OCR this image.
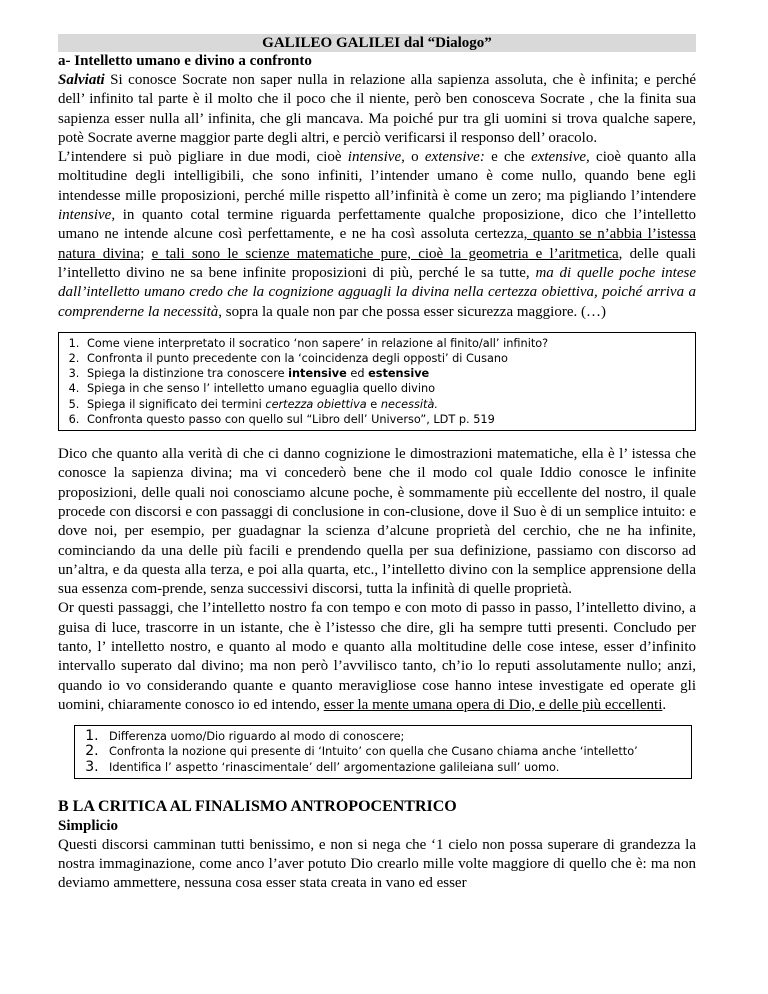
GALILEO GALILEI dal “Dialogo”
a- Intelletto umano e divino a confronto

Salviati Si conosce Socrate non saper nulla in relazione alla sapienza assoluta, che è infinita; e perché dell’ infinito tal parte è il molto che il poco che il niente, però ben conosceva Socrate , che la finita sua sapienza esser nulla all’ infinita, che gli mancava. Ma poiché pur tra gli uomini si trova qualche sapere, potè Socrate averne maggior parte degli altri, e perciò verificarsi il responso dell’ oracolo.

L’intendere si può pigliare in due modi, cioè intensive, o extensive: e che extensive, cioè quanto alla moltitudine degli intelligibili, che sono infiniti, l’intender umano è come nullo, quando bene egli intendesse mille proposizioni, perché mille rispetto all’infinità è come un zero; ma pigliando l’intendere intensive, in quanto cotal termine riguarda perfettamente qualche proposizione, dico che l’intelletto umano ne intende alcune così perfettamente, e ne ha così assoluta certezza, quanto se n’abbia l’istessa natura divina; e tali sono le scienze matematiche pure, cioè la geometria e l’aritmetica, delle quali l’intelletto divino ne sa bene infinite proposizioni di più, perché le sa tutte, ma di quelle poche intese dall’intelletto umano credo che la cognizione agguagli la divina nella certezza obiettiva, poiché arriva a comprenderne la necessità, sopra la quale non par che possa esser sicurezza maggiore. (…)

1. Come viene interpretato il socratico ‘non sapere’ in relazione al finito/all’ infinito?
2. Confronta il punto precedente con la ‘coincidenza degli opposti’ di Cusano
3. Spiega la distinzione tra conoscere intensive ed estensive
4. Spiega in che senso l’ intelletto umano eguaglia quello divino
5. Spiega il significato dei termini certezza obiettiva e necessità.
6. Confronta questo passo con quello sul “Libro dell’ Universo”, LDT p. 519

Dico che quanto alla verità di che ci danno cognizione le dimostrazioni matematiche, ella è l’ istessa che conosce la sapienza divina; ma vi concederò bene che il modo col quale Iddio conosce le infinite proposizioni, delle quali noi conosciamo alcune poche, è sommamente più eccellente del nostro, il quale procede con discorsi e con passaggi di conclusione in con-clusione, dove il Suo è di un semplice intuito: e dove noi, per esempio, per guadagnar la scienza d’alcune proprietà del cerchio, che ne ha infinite, cominciando da una delle più facili e prendendo quella per sua definizione, passiamo con discorso ad un’altra, e da questa alla terza, e poi alla quarta, etc., l’intelletto divino con la semplice apprensione della sua essenza com-prende, senza successivi discorsi, tutta la infinità di quelle proprietà.

Or questi passaggi, che l’intelletto nostro fa con tempo e con moto di passo in passo, l’intelletto divino, a guisa di luce, trascorre in un istante, che è l’istesso che dire, gli ha sempre tutti presenti. Concludo per tanto, l’ intelletto nostro, e quanto al modo e quanto alla moltitudine delle cose intese, esser d’infinito intervallo superato dal divino; ma non però l’avvilisco tanto, ch’io lo reputi assolutamente nullo; anzi, quando io vo considerando quante e quanto meravigliose cose hanno intese investigate ed operate gli uomini, chiaramente conosco io ed intendo, esser la mente umana opera di Dio, e delle più eccellenti.

1. Differenza uomo/Dio riguardo al modo di conoscere;
2. Confronta la nozione qui presente di ‘Intuito’ con quella che Cusano chiama anche ‘intelletto’
3. Identifica l’ aspetto ‘rinascimentale’ dell’ argomentazione galileiana sull’ uomo.
B LA CRITICA AL FINALISMO ANTROPOCENTRICO
Simplicio

Questi discorsi camminan tutti benissimo, e non si nega che ‘1 cielo non possa superare di grandezza la nostra immaginazione, come anco l’aver potuto Dio crearlo mille volte maggiore di quello che è: ma non deviamo ammettere, nessuna cosa esser stata creata in vano ed esser
